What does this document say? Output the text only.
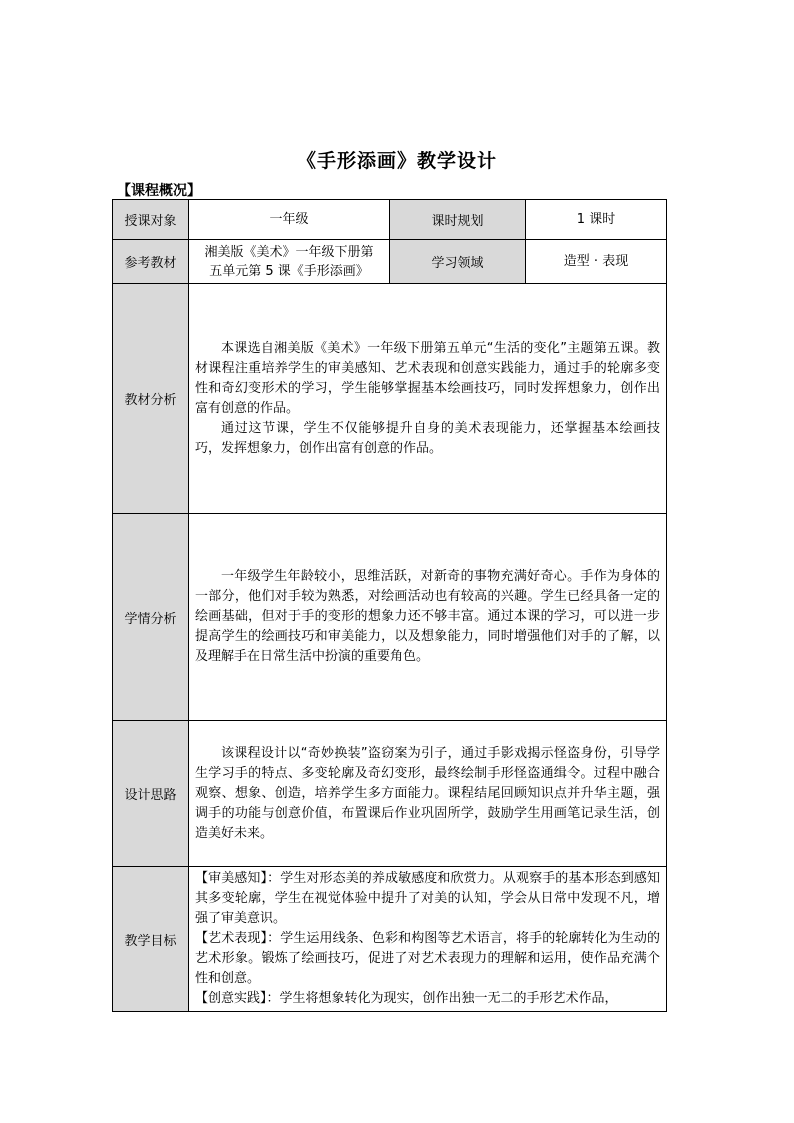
《手形添画》教学设计
【课程概况】
授课对象	一年级	课时规划	1 课时
参考教材	湘美版《美术》一年级下册第五单元第 5 课《手形添画》	学习领域	造型 · 表现
教材分析	本课选自湘美版《美术》一年级下册第五单元“生活的变化”主题第五课。教材课程注重培养学生的审美感知、艺术表现和创意实践能力，通过手的轮廓多变性和奇幻变形术的学习，学生能够掌握基本绘画技巧，同时发挥想象力，创作出富有创意的作品。

通过这节课，学生不仅能够提升自身的美术表现能力，还掌握基本绘画技巧，发挥想象力，创作出富有创意的作品。		

学情分析	一年级学生年龄较小，思维活跃，对新奇的事物充满好奇心。手作为身体的一部分，他们对手较为熟悉，对绘画活动也有较高的兴趣。学生已经具备一定的绘画基础，但对于手的变形的想象力还不够丰富。通过本课的学习，可以进一步提高学生的绘画技巧和审美能力，以及想象能力，同时增强他们对手的了解，以及理解手在日常生活中扮演的重要角色。		

设计思路	该课程设计以“奇妙换装”盗窃案为引子，通过手影戏揭示怪盗身份，引导学生学习手的特点、多变轮廓及奇幻变形，最终绘制手形怪盗通缉令。过程中融合观察、想象、创造，培养学生多方面能力。课程结尾回顾知识点并升华主题，强调手的功能与创意价值，布置课后作业巩固所学，鼓励学生用画笔记录生活，创造美好未来。		

教学目标	【审美感知】：学生对形态美的养成敏感度和欣赏力。从观察手的基本形态到感知其多变轮廓，学生在视觉体验中提升了对美的认知，学会从日常中发现不凡，增强了审美意识。

【艺术表现】：学生运用线条、色彩和构图等艺术语言，将手的轮廓转化为生动的艺术形象。锻炼了绘画技巧，促进了对艺术表现力的理解和运用，使作品充满个性和创意。

【创意实践】：学生将想象转化为现实，创作出独一无二的手形艺术作品，		
